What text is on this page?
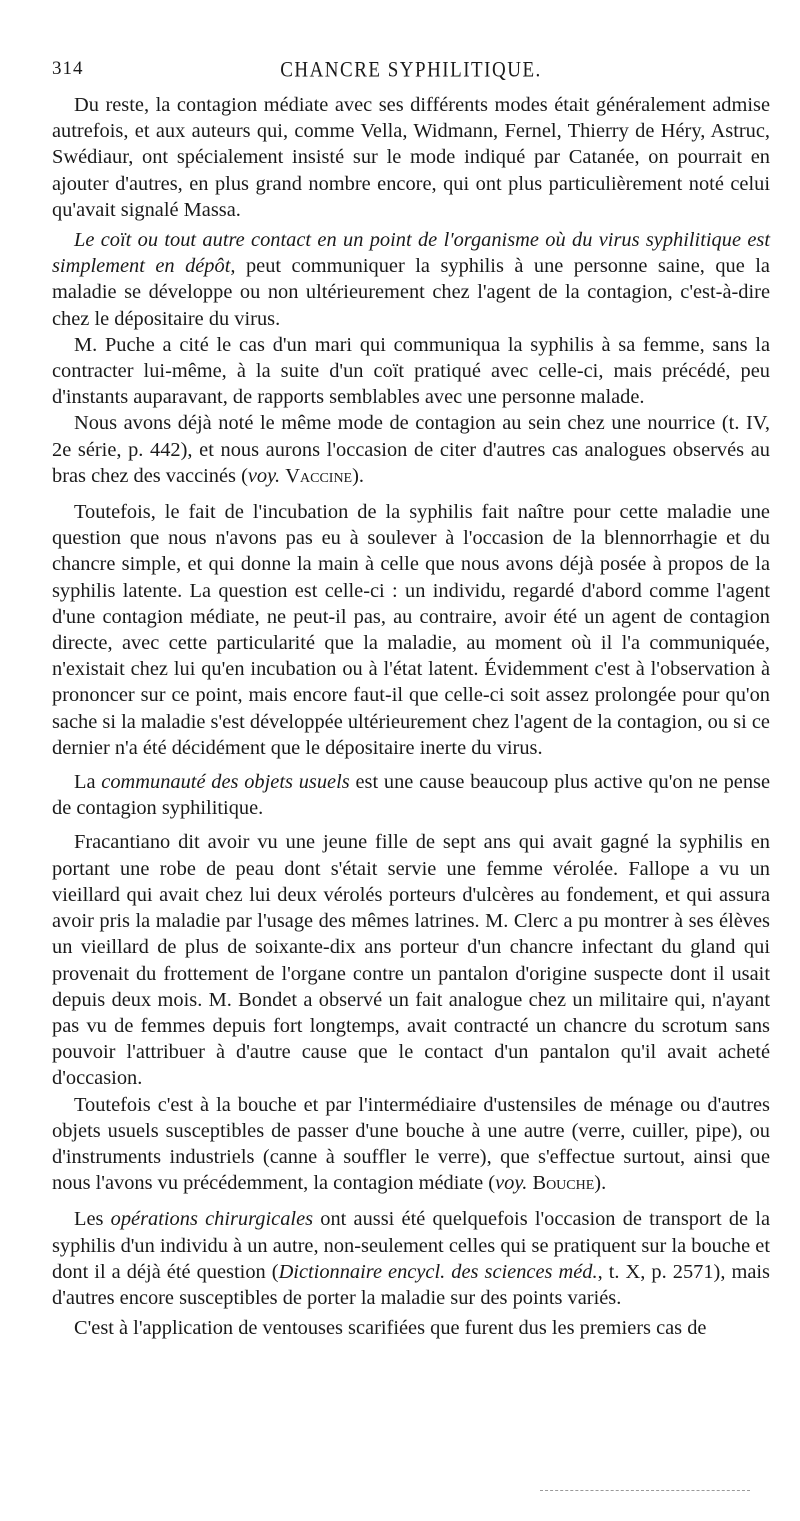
314	CHANCRE SYPHILITIQUE.

Du reste, la contagion médiate avec ses différents modes était généralement admise autrefois, et aux auteurs qui, comme Vella, Widmann, Fernel, Thierry de Héry, Astruc, Swédiaur, ont spécialement insisté sur le mode indiqué par Catanée, on pourrait en ajouter d'autres, en plus grand nombre encore, qui ont plus particulièrement noté celui qu'avait signalé Massa.

Le coït ou tout autre contact en un point de l'organisme où du virus syphilitique est simplement en dépôt, peut communiquer la syphilis à une personne saine, que la maladie se développe ou non ultérieurement chez l'agent de la contagion, c'est-à-dire chez le dépositaire du virus.

M. Puche a cité le cas d'un mari qui communiqua la syphilis à sa femme, sans la contracter lui-même, à la suite d'un coït pratiqué avec celle-ci, mais précédé, peu d'instants auparavant, de rapports semblables avec une personne malade.

Nous avons déjà noté le même mode de contagion au sein chez une nourrice (t. IV, 2e série, p. 442), et nous aurons l'occasion de citer d'autres cas analogues observés au bras chez des vaccinés (voy. Vaccine).

Toutefois, le fait de l'incubation de la syphilis fait naître pour cette maladie une question que nous n'avons pas eu à soulever à l'occasion de la blennorrhagie et du chancre simple, et qui donne la main à celle que nous avons déjà posée à propos de la syphilis latente. La question est celle-ci : un individu, regardé d'abord comme l'agent d'une contagion médiate, ne peut-il pas, au contraire, avoir été un agent de contagion directe, avec cette particularité que la maladie, au moment où il l'a communiquée, n'existait chez lui qu'en incubation ou à l'état latent. Évidemment c'est à l'observation à prononcer sur ce point, mais encore faut-il que celle-ci soit assez prolongée pour qu'on sache si la maladie s'est développée ultérieurement chez l'agent de la contagion, ou si ce dernier n'a été décidément que le dépositaire inerte du virus.

La communauté des objets usuels est une cause beaucoup plus active qu'on ne pense de contagion syphilitique.

Fracantiano dit avoir vu une jeune fille de sept ans qui avait gagné la syphilis en portant une robe de peau dont s'était servie une femme vérolée. Fallope a vu un vieillard qui avait chez lui deux vérolés porteurs d'ulcères au fondement, et qui assura avoir pris la maladie par l'usage des mêmes latrines. M. Clerc a pu montrer à ses élèves un vieillard de plus de soixante-dix ans porteur d'un chancre infectant du gland qui provenait du frottement de l'organe contre un pantalon d'origine suspecte dont il usait depuis deux mois. M. Bondet a observé un fait analogue chez un militaire qui, n'ayant pas vu de femmes depuis fort longtemps, avait contracté un chancre du scrotum sans pouvoir l'attribuer à d'autre cause que le contact d'un pantalon qu'il avait acheté d'occasion.

Toutefois c'est à la bouche et par l'intermédiaire d'ustensiles de ménage ou d'autres objets usuels susceptibles de passer d'une bouche à une autre (verre, cuiller, pipe), ou d'instruments industriels (canne à souffler le verre), que s'effectue surtout, ainsi que nous l'avons vu précédemment, la contagion médiate (voy. Bouche).

Les opérations chirurgicales ont aussi été quelquefois l'occasion de transport de la syphilis d'un individu à un autre, non-seulement celles qui se pratiquent sur la bouche et dont il a déjà été question (Dictionnaire encycl. des sciences méd., t. X, p. 2571), mais d'autres encore susceptibles de porter la maladie sur des points variés.

C'est à l'application de ventouses scarifiées que furent dus les premiers cas de
